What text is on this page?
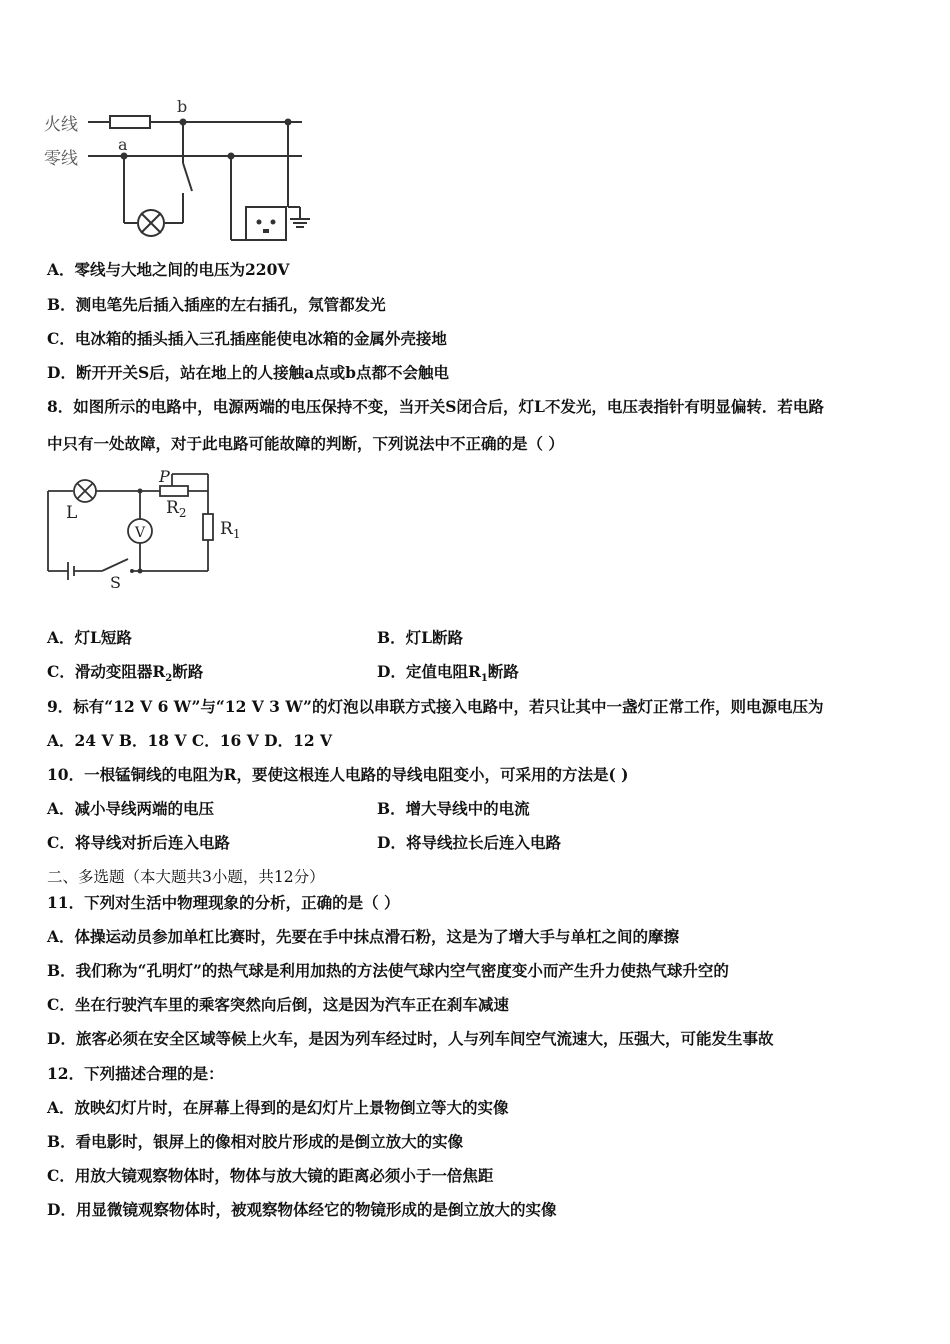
火线
零线
a
b
A．零线与大地之间的电压为220V
B．测电笔先后插入插座的左右插孔，氖管都发光
C．电冰箱的插头插入三孔插座能使电冰箱的金属外壳接地
D．断开开关S后，站在地上的人接触a点或b点都不会触电
8．如图所示的电路中，电源两端的电压保持不变，当开关S闭合后，灯L不发光，电压表指针有明显偏转．若电路
中只有一处故障，对于此电路可能故障的判断，下列说法中不正确的是（ ）
L
P
$R_2$
$R_1$
V
S
A．灯L短路	B．灯L断路
C．滑动变阻器$R_2$断路	D．定值电阻$R_1$断路
9．标有“12 V 6 W”与“12 V 3 W”的灯泡以串联方式接入电路中，若只让其中一盏灯正常工作，则电源电压为
A．24 V B．18 V C．16 V D．12 V
10．一根锰铜线的电阻为R，要使这根连人电路的导线电阻变小，可采用的方法是( )
A．减小导线两端的电压	B．增大导线中的电流
C．将导线对折后连入电路	D．将导线拉长后连入电路
二、多选题（本大题共3小题，共12分）
11．下列对生活中物理现象的分析，正确的是（ ）
A．体操运动员参加单杠比赛时，先要在手中抹点滑石粉，这是为了增大手与单杠之间的摩擦
B．我们称为“孔明灯”的热气球是利用加热的方法使气球内空气密度变小而产生升力使热气球升空的
C．坐在行驶汽车里的乘客突然向后倒，这是因为汽车正在刹车减速
D．旅客必须在安全区域等候上火车，是因为列车经过时，人与列车间空气流速大，压强大，可能发生事故
12．下列描述合理的是：
A．放映幻灯片时，在屏幕上得到的是幻灯片上景物倒立等大的实像
B．看电影时，银屏上的像相对胶片形成的是倒立放大的实像
C．用放大镜观察物体时，物体与放大镜的距离必须小于一倍焦距
D．用显微镜观察物体时，被观察物体经它的物镜形成的是倒立放大的实像
